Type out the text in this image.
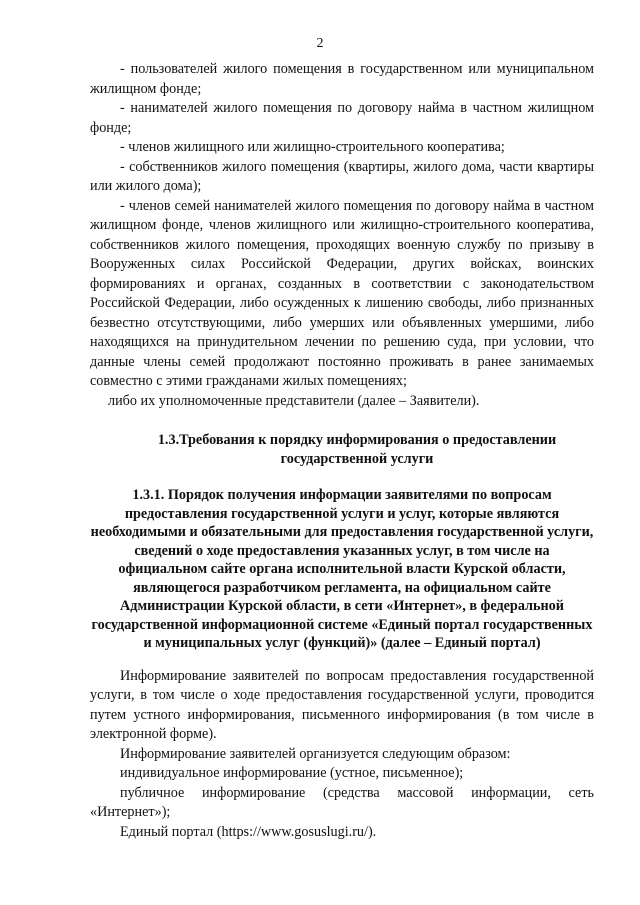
2

- пользователей жилого помещения в государственном или муниципальном жилищном фонде;

- нанимателей жилого помещения по договору найма в частном жилищном фонде;

- членов жилищного или жилищно-строительного кооператива;

- собственников жилого помещения (квартиры, жилого дома, части квартиры или жилого дома);

- членов семей нанимателей жилого помещения по договору найма в частном жилищном фонде, членов жилищного или жилищно-строительного кооператива, собственников жилого помещения, проходящих военную службу по призыву в Вооруженных силах Российской Федерации, других войсках, воинских формированиях и органах, созданных в соответствии с законодательством Российской Федерации, либо осужденных к лишению свободы, либо признанных безвестно отсутствующими, либо умерших или объявленных умершими, либо находящихся на принудительном лечении по решению суда, при условии, что данные члены семей продолжают постоянно проживать в ранее занимаемых совместно с этими гражданами жилых помещениях;

либо их уполномоченные представители (далее – Заявители).

1.3.Требования к порядку информирования о предоставлении государственной услуги

1.3.1. Порядок получения информации заявителями по вопросам предоставления государственной услуги и услуг, которые являются необходимыми и обязательными для предоставления государственной услуги, сведений о ходе предоставления указанных услуг, в том числе на официальном сайте органа исполнительной власти Курской области, являющегося разработчиком регламента, на официальном сайте Администрации Курской области, в сети «Интернет», в федеральной государственной информационной системе «Единый портал государственных и муниципальных услуг (функций)» (далее – Единый портал)

Информирование заявителей по вопросам предоставления государственной услуги, в том числе о ходе предоставления государственной услуги, проводится путем устного информирования, письменного информирования (в том числе в электронной форме).

Информирование заявителей организуется следующим образом:

индивидуальное информирование (устное, письменное);

публичное информирование (средства массовой информации, сеть «Интернет»);

Единый портал (https://www.gosuslugi.ru/).
